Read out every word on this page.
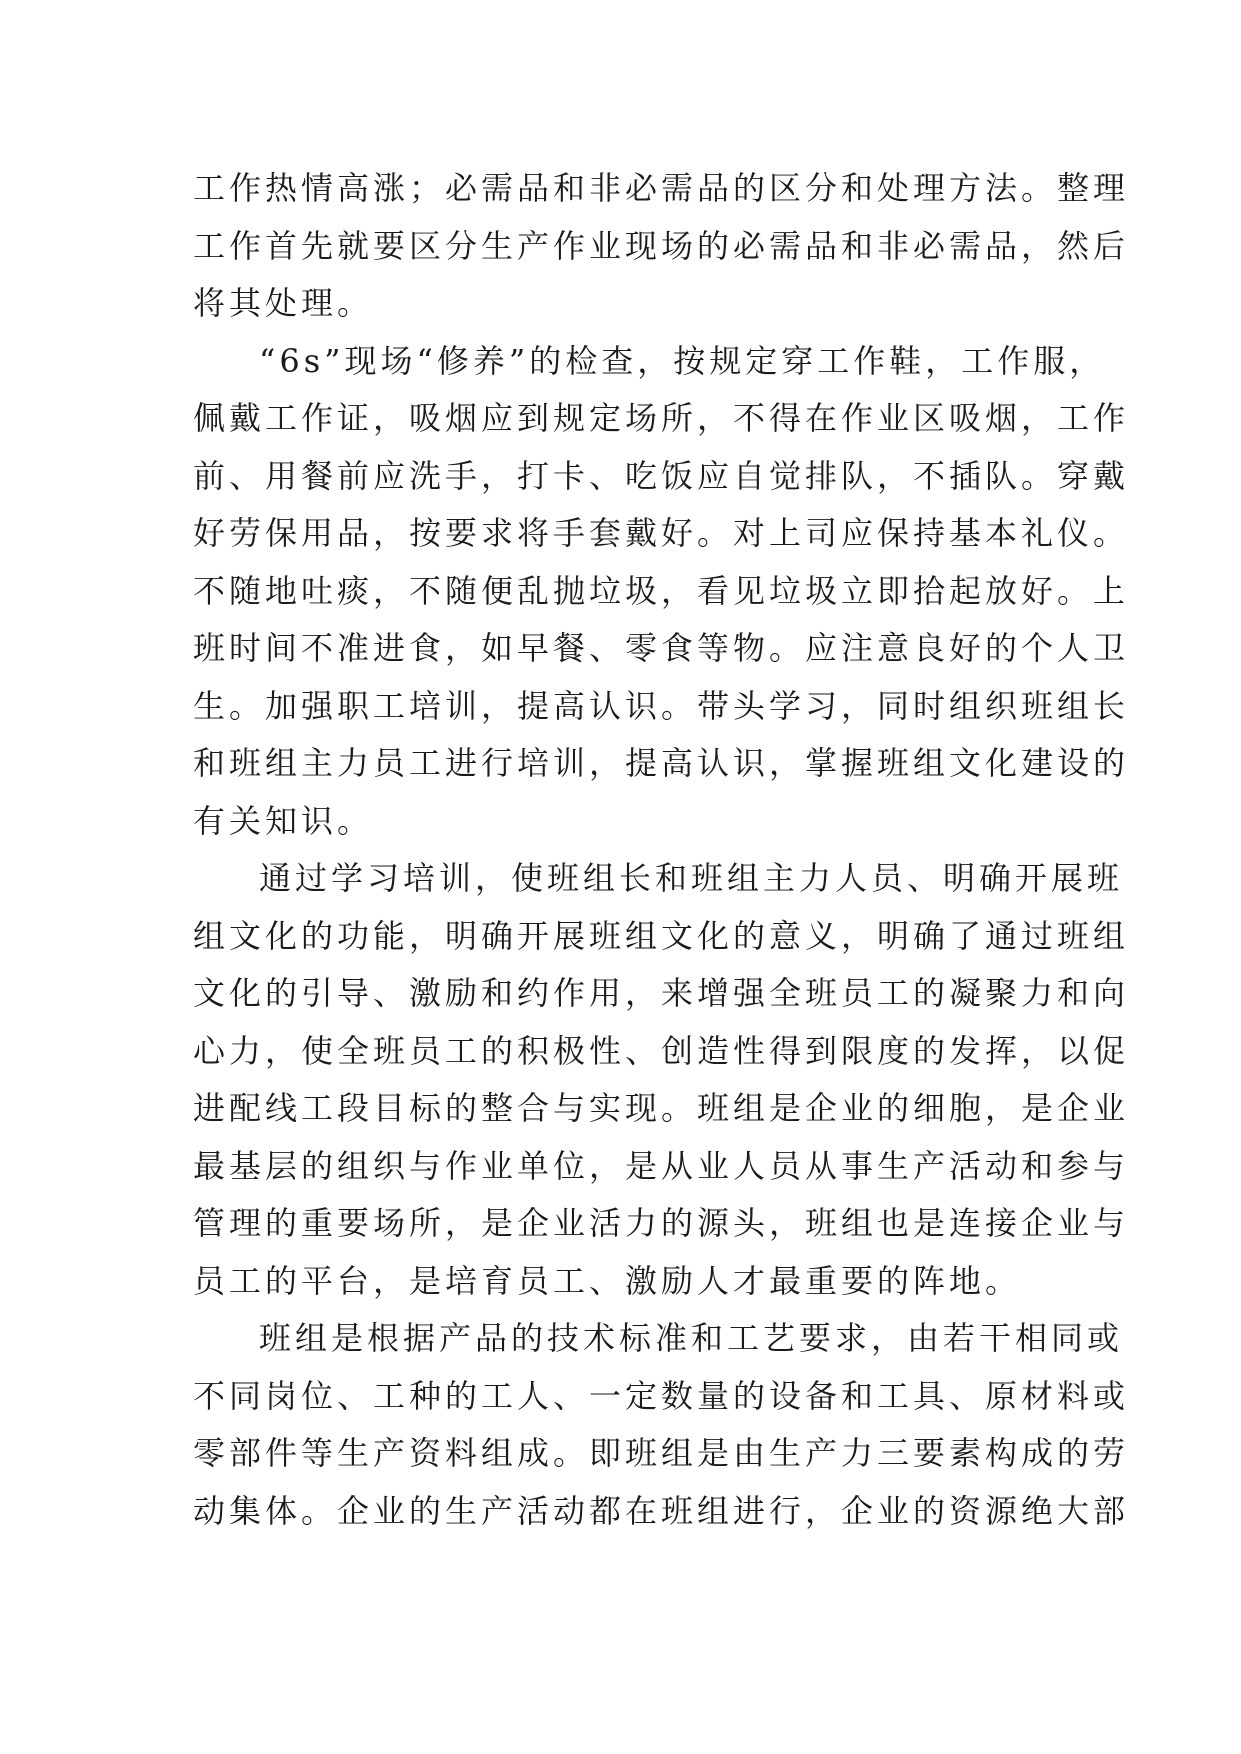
工作热情高涨；必需品和非必需品的区分和处理方法。整理
工作首先就要区分生产作业现场的必需品和非必需品，然后
将其处理。
“6s”现场“修养”的检查，按规定穿工作鞋，工作服，
佩戴工作证，吸烟应到规定场所，不得在作业区吸烟，工作
前、用餐前应洗手，打卡、吃饭应自觉排队，不插队。穿戴
好劳保用品，按要求将手套戴好。对上司应保持基本礼仪。
不随地吐痰，不随便乱抛垃圾，看见垃圾立即拾起放好。上
班时间不准进食，如早餐、零食等物。应注意良好的个人卫
生。加强职工培训，提高认识。带头学习，同时组织班组长
和班组主力员工进行培训，提高认识，掌握班组文化建设的
有关知识。
通过学习培训，使班组长和班组主力人员、明确开展班
组文化的功能，明确开展班组文化的意义，明确了通过班组
文化的引导、激励和约作用，来增强全班员工的凝聚力和向
心力，使全班员工的积极性、创造性得到限度的发挥，以促
进配线工段目标的整合与实现。班组是企业的细胞，是企业
最基层的组织与作业单位，是从业人员从事生产活动和参与
管理的重要场所，是企业活力的源头，班组也是连接企业与
员工的平台，是培育员工、激励人才最重要的阵地。
班组是根据产品的技术标准和工艺要求，由若干相同或
不同岗位、工种的工人、一定数量的设备和工具、原材料或
零部件等生产资料组成。即班组是由生产力三要素构成的劳
动集体。企业的生产活动都在班组进行，企业的资源绝大部
